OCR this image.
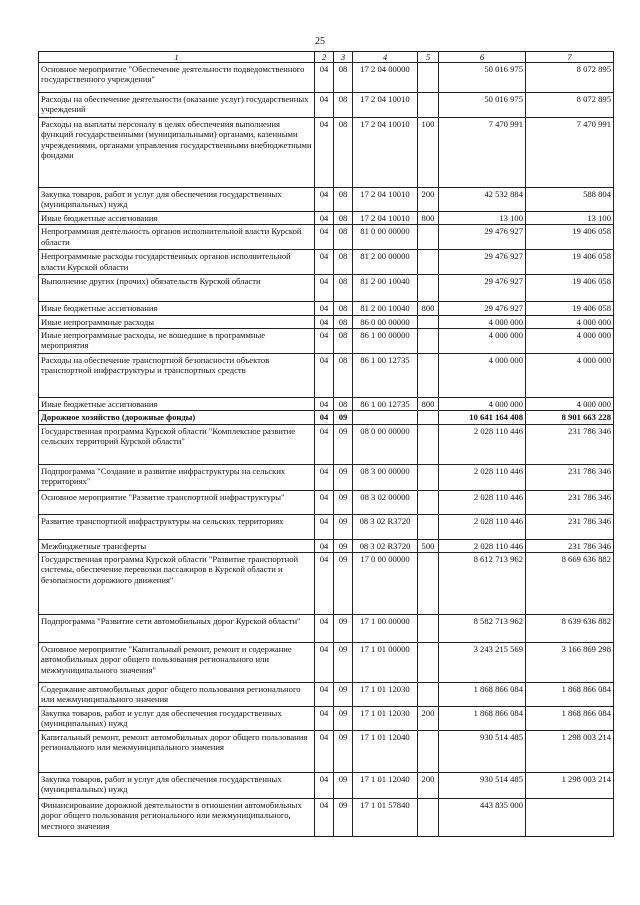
25
1	2	3	4	5	6	7
Основное мероприятие "Обеспечение деятельности подведомственного государственного учреждения"	04	08	17 2 04 00000		50 016 975	8 072 895
Расходы на обеспечение деятельности (оказание услуг) государственных учреждений	04	08	17 2 04 10010		50 016 975	8 072 895
Расходы на выплаты персоналу в целях обеспечения выполнения функций государственными (муниципальными) органами, казенными учреждениями, органами управления государственными внебюджетными фондами	04	08	17 2 04 10010	100	7 470 991	7 470 991
Закупка товаров, работ и услуг для обеспечения государственных (муниципальных) нужд	04	08	17 2 04 10010	200	42 532 884	588 804
Иные бюджетные ассигнования	04	08	17 2 04 10010	800	13 100	13 100
Непрограммная деятельность органов исполнительной власти Курской области	04	08	81 0 00 00000		29 476 927	19 406 058
Непрограммные расходы государственных органов исполнительной власти Курской области	04	08	81 2 00 00000		29 476 927	19 406 058
Выполнение других (прочих) обязательств Курской области	04	08	81 2 00 10040		29 476 927	19 406 058
Иные бюджетные ассигнования	04	08	81 2 00 10040	800	29 476 927	19 406 058
Иные непрограммные расходы	04	08	86 0 00 00000		4 000 000	4 000 000
Иные непрограммные расходы, не вошедшие в программные мероприятия	04	08	86 1 00 00000		4 000 000	4 000 000
Расходы на обеспечение транспортной безопасности объектов транспортной инфраструктуры и транспортных средств	04	08	86 1 00 12735		4 000 000	4 000 000
Иные бюджетные ассигнования	04	08	86 1 00 12735	800	4 000 000	4 000 000
Дорожное хозяйство (дорожные фонды)	04	09			10 641 164 408	8 901 663 228
Государственная программа Курской области "Комплексное развитие сельских территорий Курской области"	04	09	08 0 00 00000		2 028 110 446	231 786 346
Подпрограмма "Создание и развитие инфраструктуры на сельских территориях"	04	09	08 3 00 00000		2 028 110 446	231 786 346
Основное мероприятие "Развитие транспортной инфраструктуры"	04	09	08 3 02 00000		2 028 110 446	231 786 346
Развитие транспортной инфраструктуры на сельских территориях	04	09	08 3 02 R3720		2 028 110 446	231 786 346
Межбюджетные трансферты	04	09	08 3 02 R3720	500	2 028 110 446	231 786 346
Государственная программа Курской области "Развитие транспортной системы, обеспечение перевозки пассажиров в Курской области и безопасности дорожного движения"	04	09	17 0 00 00000		8 612 713 962	8 669 636 882
Подпрограмма "Развитие сети автомобильных дорог Курской области"	04	09	17 1 00 00000		8 582 713 962	8 639 636 882
Основное мероприятие "Капитальный ремонт, ремонт и содержание автомобильных дорог общего пользования регионального или межмуниципального значения"	04	09	17 1 01 00000		3 243 215 569	3 166 869 298
Содержание автомобильных дорог общего пользования регионального или межмуниципального значения	04	09	17 1 01 12030		1 868 866 084	1 868 866 084
Закупка товаров, работ и услуг для обеспечения государственных (муниципальных) нужд	04	09	17 1 01 12030	200	1 868 866 084	1 868 866 084
Капитальный ремонт, ремонт автомобильных дорог общего пользования регионального или межмуниципального значения	04	09	17 1 01 12040		930 514 485	1 298 003 214
Закупка товаров, работ и услуг для обеспечения государственных (муниципальных) нужд	04	09	17 1 01 12040	200	930 514 485	1 298 003 214
Финансирование дорожной деятельности в отношении автомобильных дорог общего пользования регионального или межмуниципального, местного значения	04	09	17 1 01 57840		443 835 000	
